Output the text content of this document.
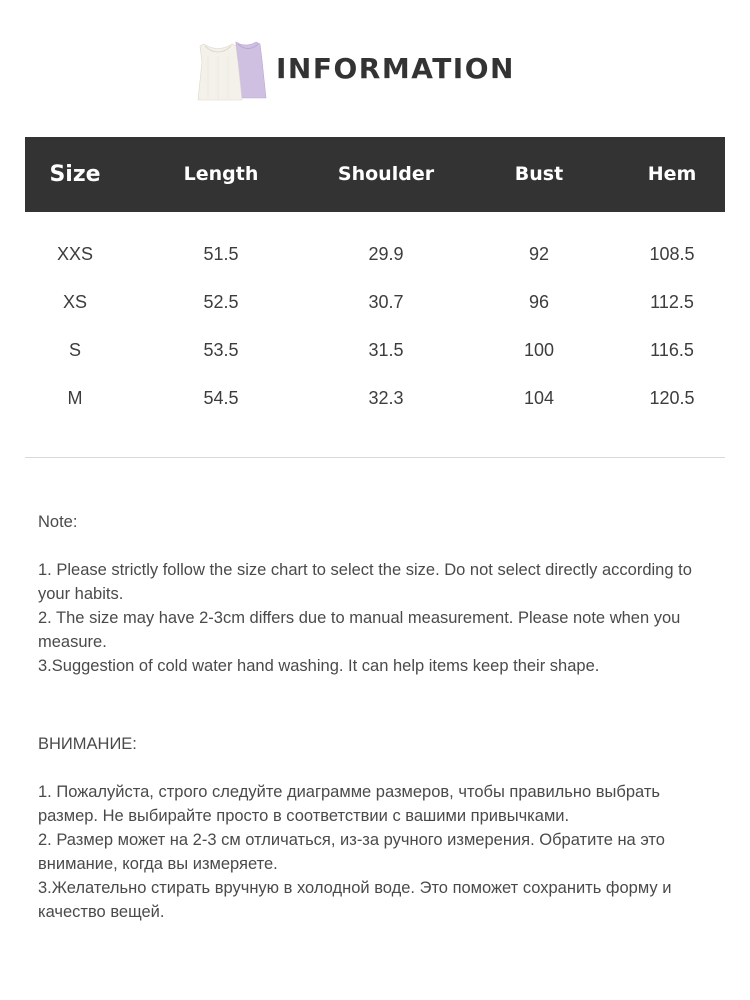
INFORMATION
Size	Length	Shoulder	Bust	Hem
XXS	51.5	29.9	92	108.5
XS	52.5	30.7	96	112.5
S	53.5	31.5	100	116.5
M	54.5	32.3	104	120.5

Note:

1. Please strictly follow the size chart to select the size. Do not select directly according to your habits.

2. The size may have 2-3cm differs due to manual measurement. Please note when you measure.

3.Suggestion of cold water hand washing. It can help items keep their shape.

ВНИМАНИЕ:

1. Пожалуйста, строго следуйте диаграмме размеров, чтобы правильно выбрать размер. Не выбирайте просто в соответствии с вашими привычками.

2. Размер может на 2-3 см отличаться, из-за ручного измерения. Обратите на это внимание, когда вы измеряете.

3.Желательно стирать вручную в холодной воде. Это поможет сохранить форму и качество вещей.
